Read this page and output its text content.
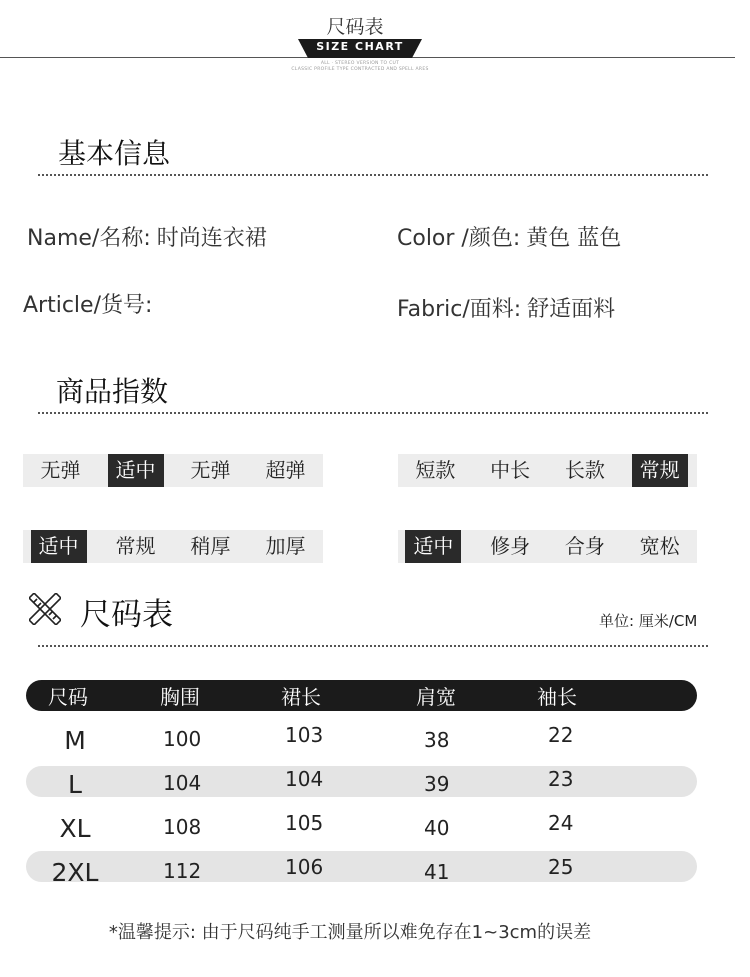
尺码表
SIZE CHART
ALL · STEREO VERSION TO CUT
CLASSIC PROFILE TYPE CONTRACTED AND SPELL ARES
基本信息
Name/名称: 时尚连衣裙	Color /颜色: 黄色 蓝色
Article/货号:	Fabric/面料: 舒适面料
商品指数
无弹	适中	无弹	超弹	短款	中长	长款	常规
适中	常规	稍厚	加厚	适中	修身	合身	宽松
尺码表	单位: 厘米/CM
尺码	胸围	裙长	肩宽	袖长
M	100	103	38	22
L	104	104	39	23
XL	108	105	40	24
2XL	112	106	41	25
*温馨提示: 由于尺码纯手工测量所以难免存在1~3cm的误差
